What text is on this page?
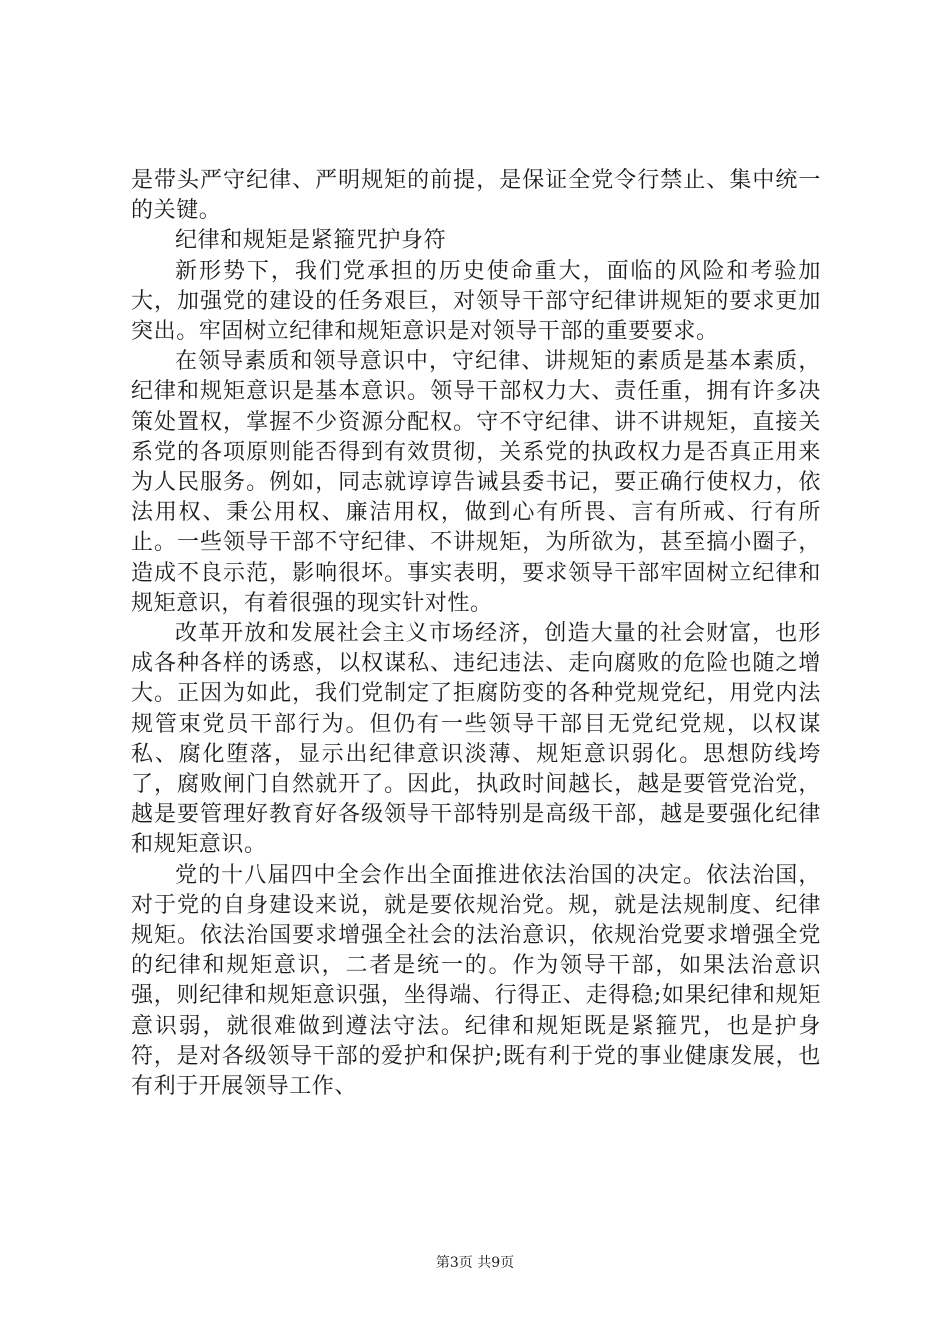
是带头严守纪律、严明规矩的前提，是保证全党令行禁止、集中统一的关键。

纪律和规矩是紧箍咒护身符

新形势下，我们党承担的历史使命重大，面临的风险和考验加大，加强党的建设的任务艰巨，对领导干部守纪律讲规矩的要求更加突出。牢固树立纪律和规矩意识是对领导干部的重要要求。

在领导素质和领导意识中，守纪律、讲规矩的素质是基本素质，纪律和规矩意识是基本意识。领导干部权力大、责任重，拥有许多决策处置权，掌握不少资源分配权。守不守纪律、讲不讲规矩，直接关系党的各项原则能否得到有效贯彻，关系党的执政权力是否真正用来为人民服务。例如，同志就谆谆告诫县委书记，要正确行使权力，依法用权、秉公用权、廉洁用权，做到心有所畏、言有所戒、行有所止。一些领导干部不守纪律、不讲规矩，为所欲为，甚至搞小圈子，造成不良示范，影响很坏。事实表明，要求领导干部牢固树立纪律和规矩意识，有着很强的现实针对性。

改革开放和发展社会主义市场经济，创造大量的社会财富，也形成各种各样的诱惑，以权谋私、违纪违法、走向腐败的危险也随之增大。正因为如此，我们党制定了拒腐防变的各种党规党纪，用党内法规管束党员干部行为。但仍有一些领导干部目无党纪党规，以权谋私、腐化堕落，显示出纪律意识淡薄、规矩意识弱化。思想防线垮了，腐败闸门自然就开了。因此，执政时间越长，越是要管党治党，越是要管理好教育好各级领导干部特别是高级干部，越是要强化纪律和规矩意识。

党的十八届四中全会作出全面推进依法治国的决定。依法治国，对于党的自身建设来说，就是要依规治党。规，就是法规制度、纪律规矩。依法治国要求增强全社会的法治意识，依规治党要求增强全党的纪律和规矩意识，二者是统一的。作为领导干部，如果法治意识强，则纪律和规矩意识强，坐得端、行得正、走得稳;如果纪律和规矩意识弱，就很难做到遵法守法。纪律和规矩既是紧箍咒，也是护身符，是对各级领导干部的爱护和保护;既有利于党的事业健康发展，也有利于开展领导工作、

第3页 共9页
